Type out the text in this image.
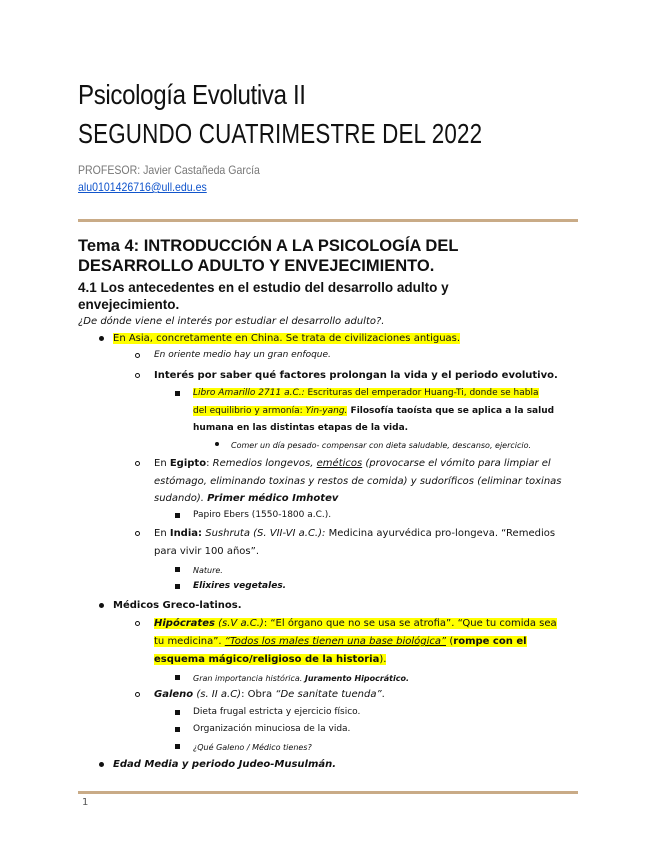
Psicología Evolutiva II
SEGUNDO CUATRIMESTRE DEL 2022
PROFESOR: Javier Castañeda García
alu0101426716@ull.edu.es
Tema 4: INTRODUCCIÓN A LA PSICOLOGÍA DEL
DESARROLLO ADULTO Y ENVEJECIMIENTO.
4.1 Los antecedentes en el estudio del desarrollo adulto y
envejecimiento.
¿De dónde viene el interés por estudiar el desarrollo adulto?.
En Asia, concretamente en China. Se trata de civilizaciones antiguas.
En oriente medio hay un gran enfoque.
Interés por saber qué factores prolongan la vida y el periodo evolutivo.
Libro Amarillo 2711 a.C.: Escrituras del emperador Huang-Ti, donde se habla
del equilibrio y armonía: Yin-yang. Filosofía taoísta que se aplica a la salud
humana en las distintas etapas de la vida.
Comer un día pesado- compensar con dieta saludable, descanso, ejercicio.
En Egipto: Remedios longevos, eméticos (provocarse el vómito para limpiar el
estómago, eliminando toxinas y restos de comida) y sudoríficos (eliminar toxinas
sudando). Primer médico Imhotev
Papiro Ebers (1550-1800 a.C.).
En India: Sushruta (S. VII-VI a.C.): Medicina ayurvédica pro-longeva. “Remedios
para vivir 100 años”.
Nature.
Elixires vegetales.
Médicos Greco-latinos.
Hipócrates (s.V a.C.): “El órgano que no se usa se atrofia”. “Que tu comida sea
tu medicina”. “Todos los males tienen una base biológica” (rompe con el
esquema mágico/religioso de la historia).
Gran importancia histórica. Juramento Hipocrático.
Galeno (s. II a.C): Obra “De sanitate tuenda”.
Dieta frugal estricta y ejercicio físico.
Organización minuciosa de la vida.
¿Qué Galeno / Médico tienes?
Edad Media y periodo Judeo-Musulmán.
1
